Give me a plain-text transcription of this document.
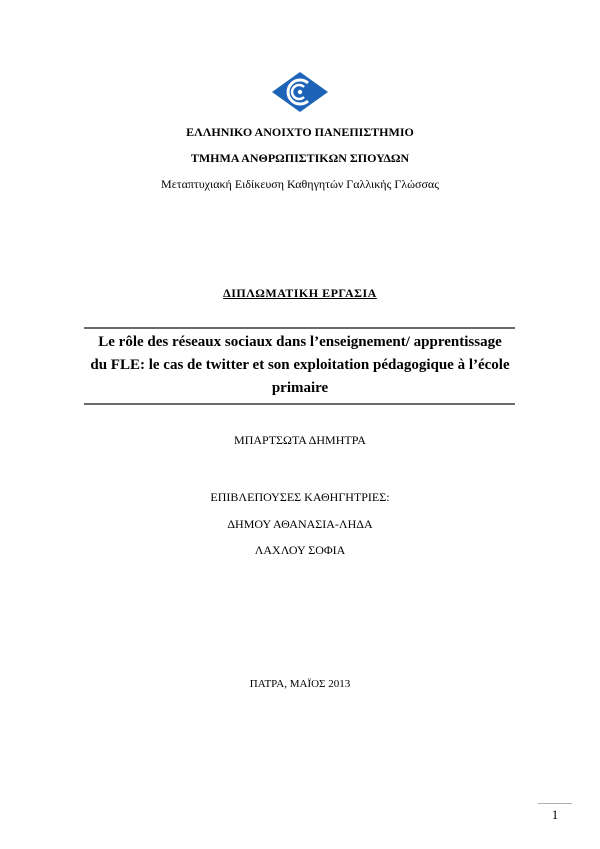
ΕΛΛΗΝΙΚΟ ΑΝΟΙΧΤΟ ΠΑΝΕΠΙΣΤΗΜΙΟ
ΤΜΗΜΑ ΑΝΘΡΩΠΙΣΤΙΚΩΝ ΣΠΟΥΔΩΝ
Μεταπτυχιακή Ειδίκευση Καθηγητών Γαλλικής Γλώσσας
ΔΙΠΛΩΜΑΤΙΚΗ ΕΡΓΑΣΙΑ
Le rôle des réseaux sociaux dans l’enseignement/ apprentissage du FLE: le cas de twitter et son exploitation pédagogique à l’école primaire
ΜΠΑΡΤΣΩΤΑ ΔΗΜΗΤΡΑ
ΕΠΙΒΛΕΠΟΥΣΕΣ ΚΑΘΗΓΗΤΡΙΕΣ:
ΔΗΜΟΥ ΑΘΑΝΑΣΙΑ-ΛΗΔΑ
ΛΑΧΛΟΥ ΣΟΦΙΑ
ΠΑΤΡΑ, ΜΑΪΟΣ 2013
1
